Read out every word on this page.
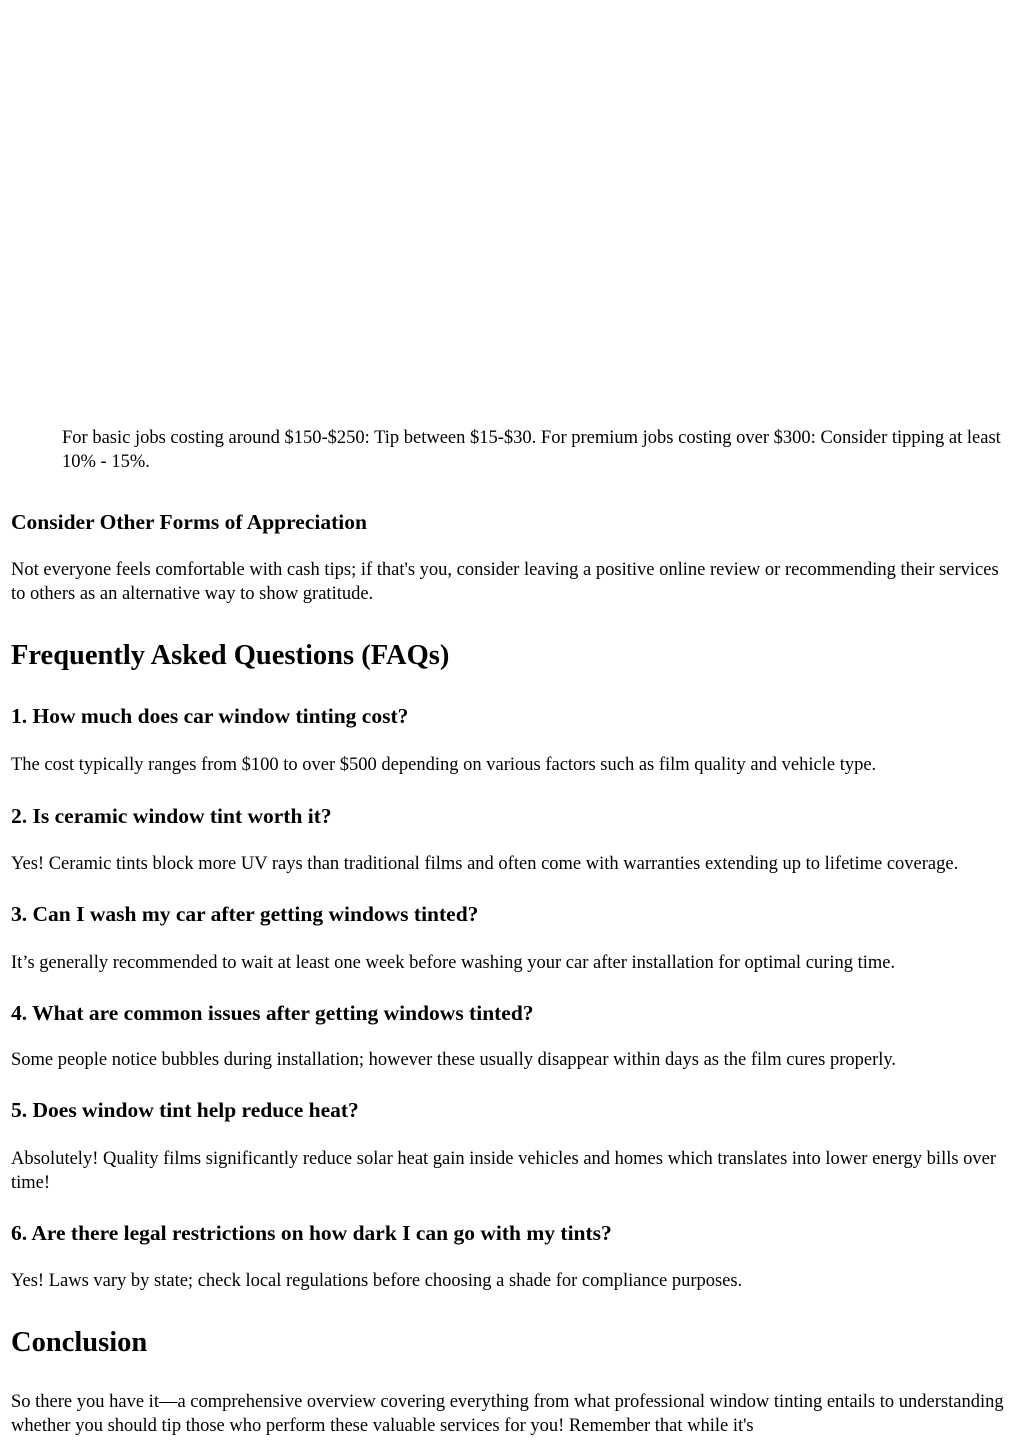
For basic jobs costing around $150-$250: Tip between $15-$30. For premium jobs costing over $300: Consider tipping at least 10% - 15%.
Consider Other Forms of Appreciation

Not everyone feels comfortable with cash tips; if that's you, consider leaving a positive online review or recommending their services to others as an alternative way to show gratitude.

Frequently Asked Questions (FAQs)
1. How much does car window tinting cost?

The cost typically ranges from $100 to over $500 depending on various factors such as film quality and vehicle type.

2. Is ceramic window tint worth it?

Yes! Ceramic tints block more UV rays than traditional films and often come with warranties extending up to lifetime coverage.

3. Can I wash my car after getting windows tinted?

It’s generally recommended to wait at least one week before washing your car after installation for optimal curing time.

4. What are common issues after getting windows tinted?

Some people notice bubbles during installation; however these usually disappear within days as the film cures properly.

5. Does window tint help reduce heat?

Absolutely! Quality films significantly reduce solar heat gain inside vehicles and homes which translates into lower energy bills over time!

6. Are there legal restrictions on how dark I can go with my tints?

Yes! Laws vary by state; check local regulations before choosing a shade for compliance purposes.

Conclusion

So there you have it—a comprehensive overview covering everything from what professional window tinting entails to understanding whether you should tip those who perform these valuable services for you! Remember that while it's
